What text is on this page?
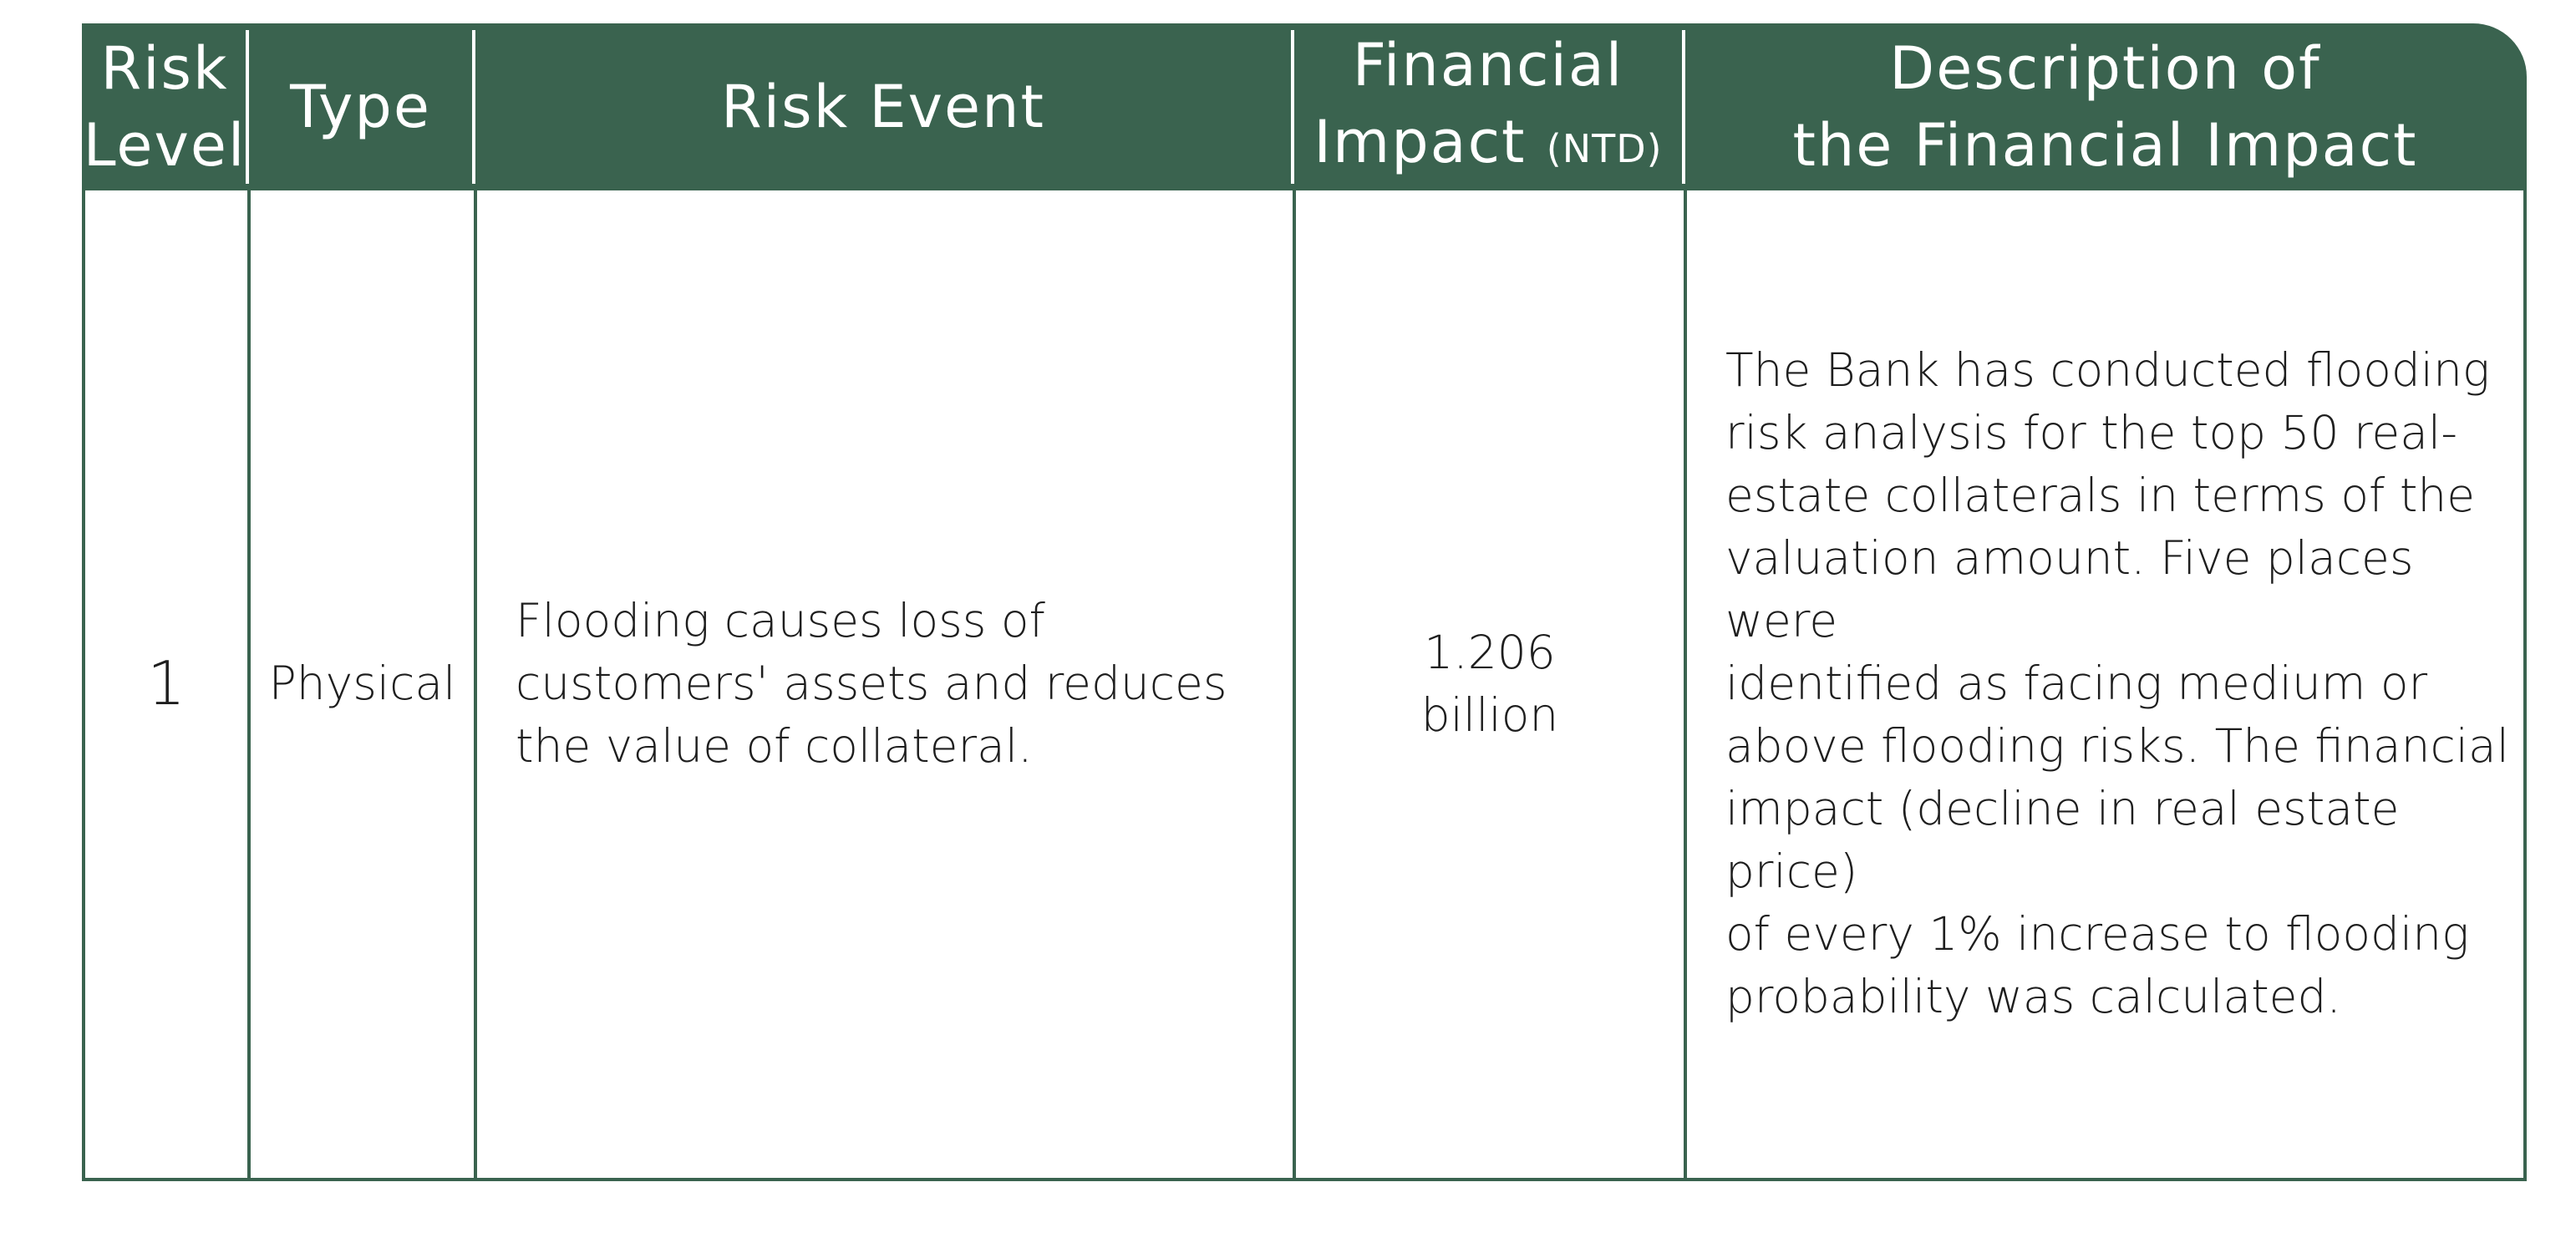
Risk
Level
Type	Risk Event
Financial
Impact (NTD)
Description of
the Financial Impact
1 Physical
Flooding causes loss of
customers' assets and reduces
the value of collateral.
1.206
billion
The Bank has conducted flooding
risk analysis for the top 50 real-
estate collaterals in terms of the
valuation amount. Five places were
identified as facing medium or
above flooding risks. The financial
impact (decline in real estate price)
of every 1% increase to flooding
probability was calculated.
